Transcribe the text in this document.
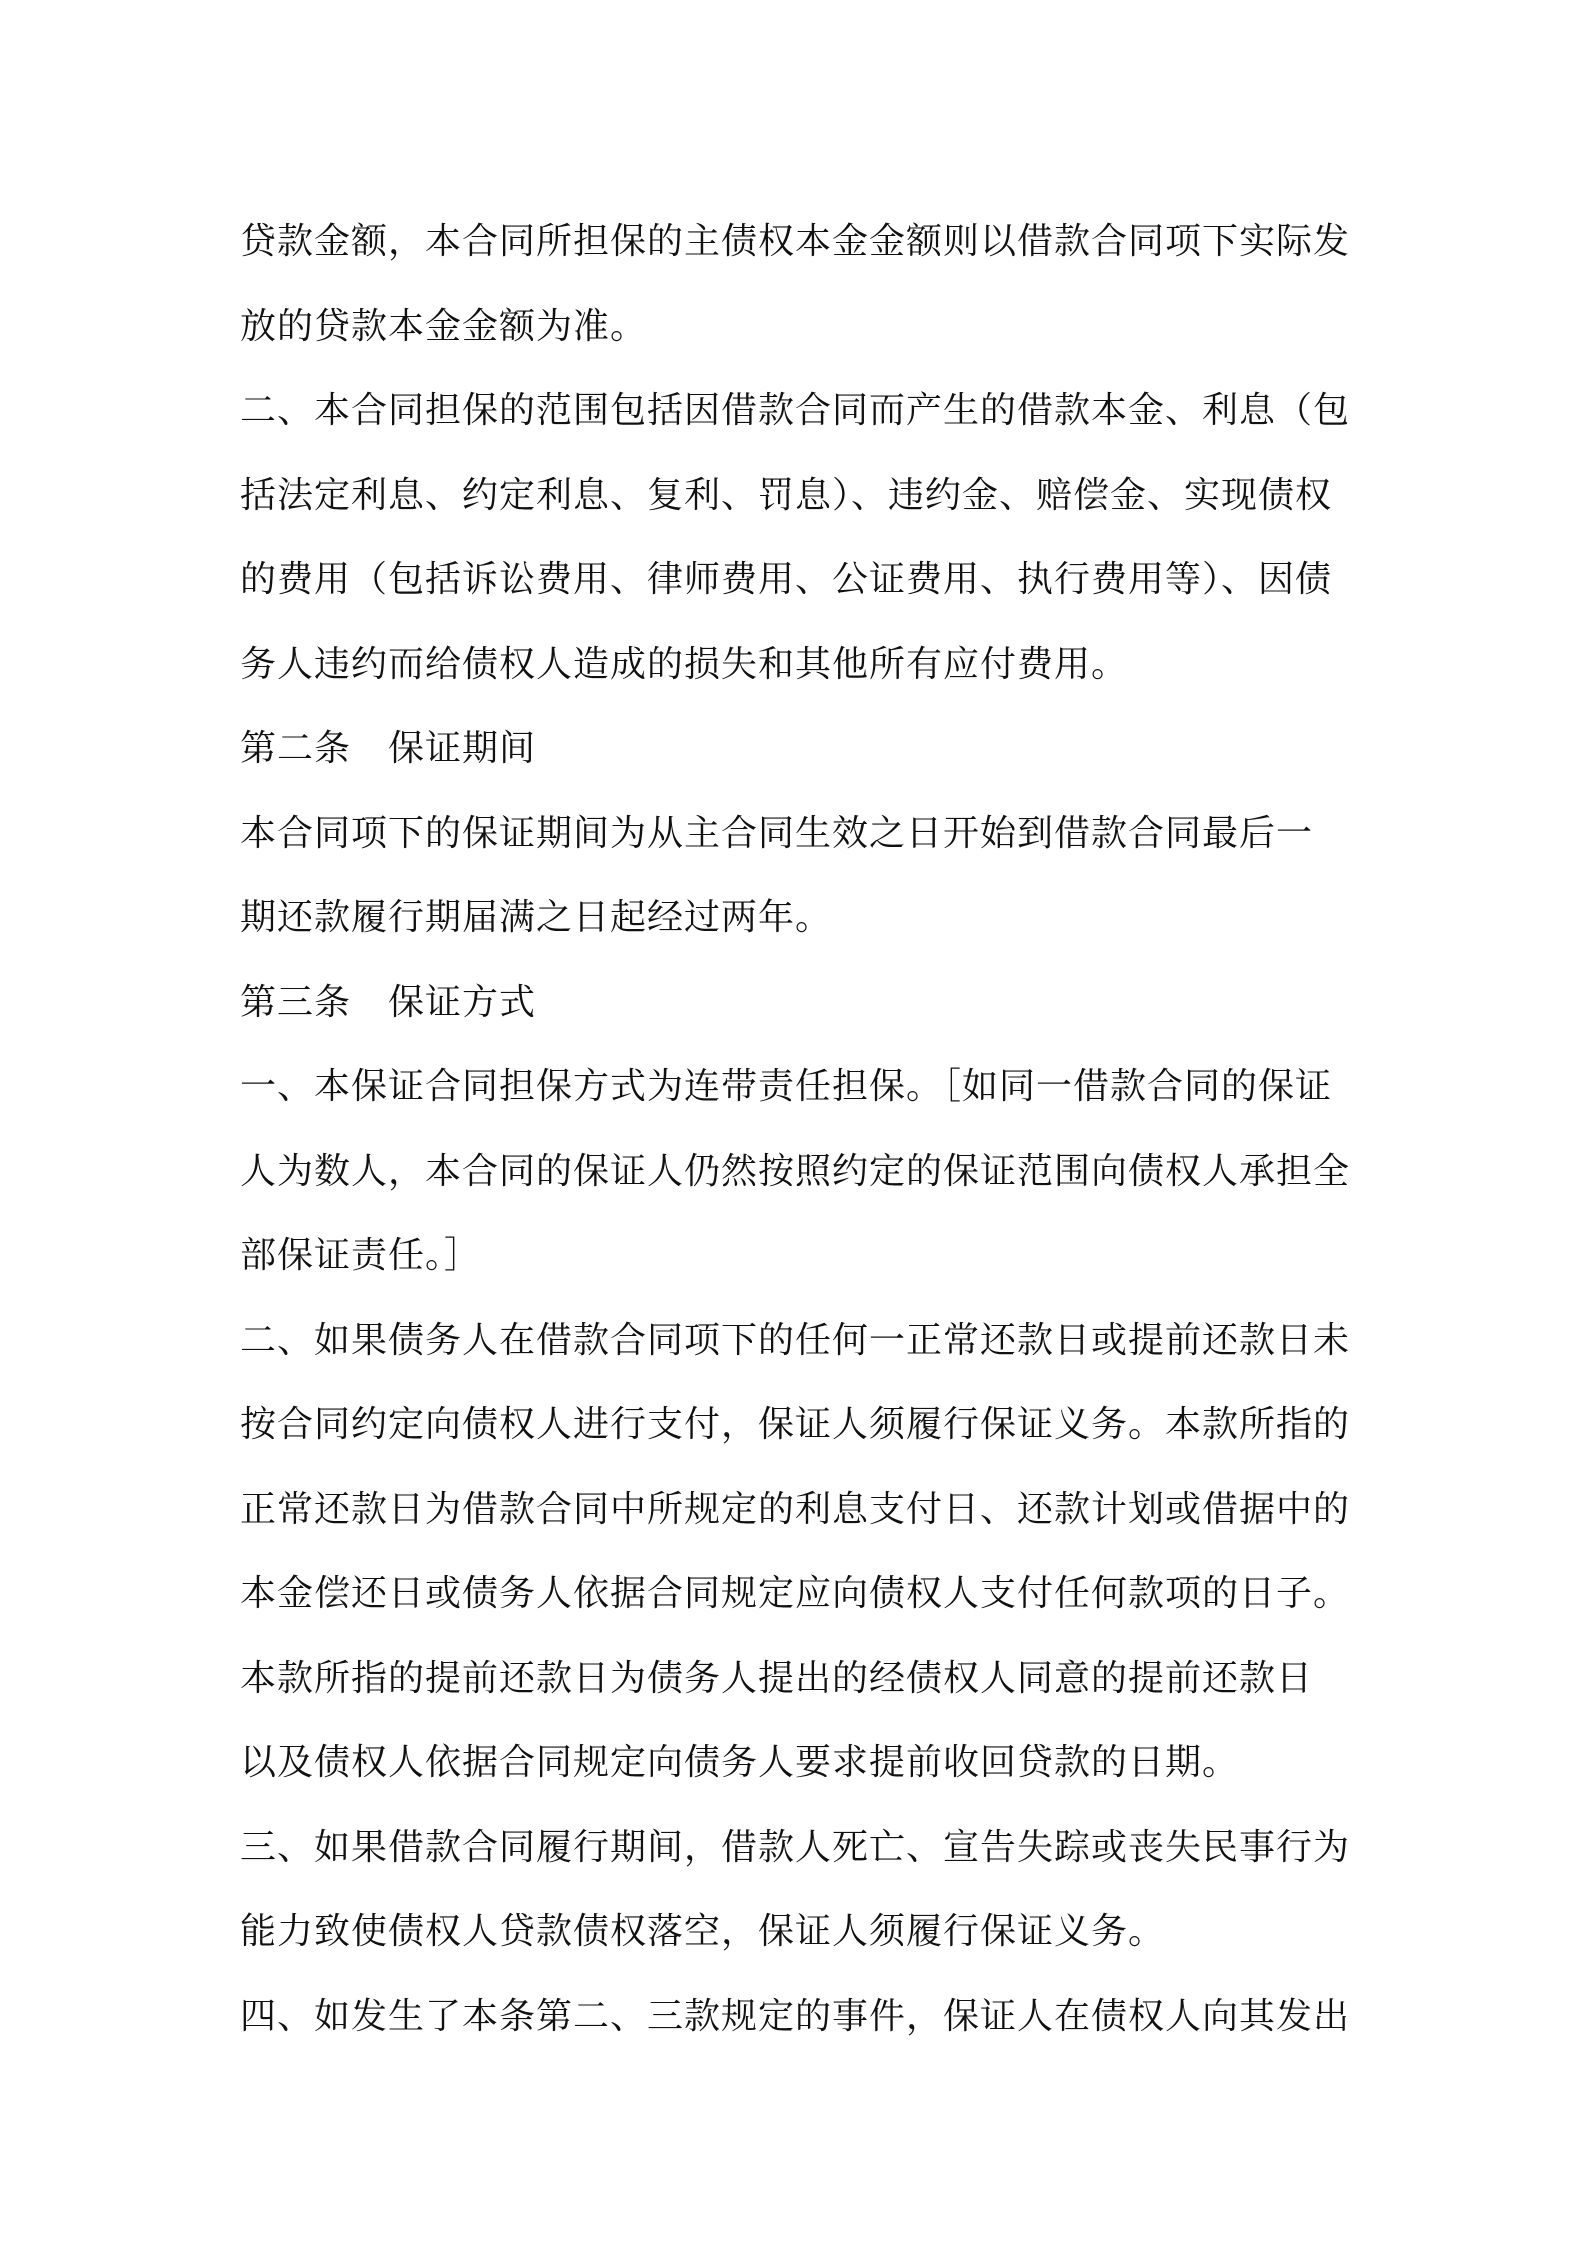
贷款金额，本合同所担保的主债权本金金额则以借款合同项下实际发
放的贷款本金金额为准。
二、本合同担保的范围包括因借款合同而产生的借款本金、利息（包
括法定利息、约定利息、复利、罚息）、违约金、赔偿金、实现债权
的费用（包括诉讼费用、律师费用、公证费用、执行费用等）、因债
务人违约而给债权人造成的损失和其他所有应付费用。
第二条　保证期间
本合同项下的保证期间为从主合同生效之日开始到借款合同最后一
期还款履行期届满之日起经过两年。
第三条　保证方式
一、本保证合同担保方式为连带责任担保。［如同一借款合同的保证
人为数人，本合同的保证人仍然按照约定的保证范围向债权人承担全
部保证责任。］
二、如果债务人在借款合同项下的任何一正常还款日或提前还款日未
按合同约定向债权人进行支付，保证人须履行保证义务。本款所指的
正常还款日为借款合同中所规定的利息支付日、还款计划或借据中的
本金偿还日或债务人依据合同规定应向债权人支付任何款项的日子。
本款所指的提前还款日为债务人提出的经债权人同意的提前还款日
以及债权人依据合同规定向债务人要求提前收回贷款的日期。
三、如果借款合同履行期间，借款人死亡、宣告失踪或丧失民事行为
能力致使债权人贷款债权落空，保证人须履行保证义务。
四、如发生了本条第二、三款规定的事件，保证人在债权人向其发出
